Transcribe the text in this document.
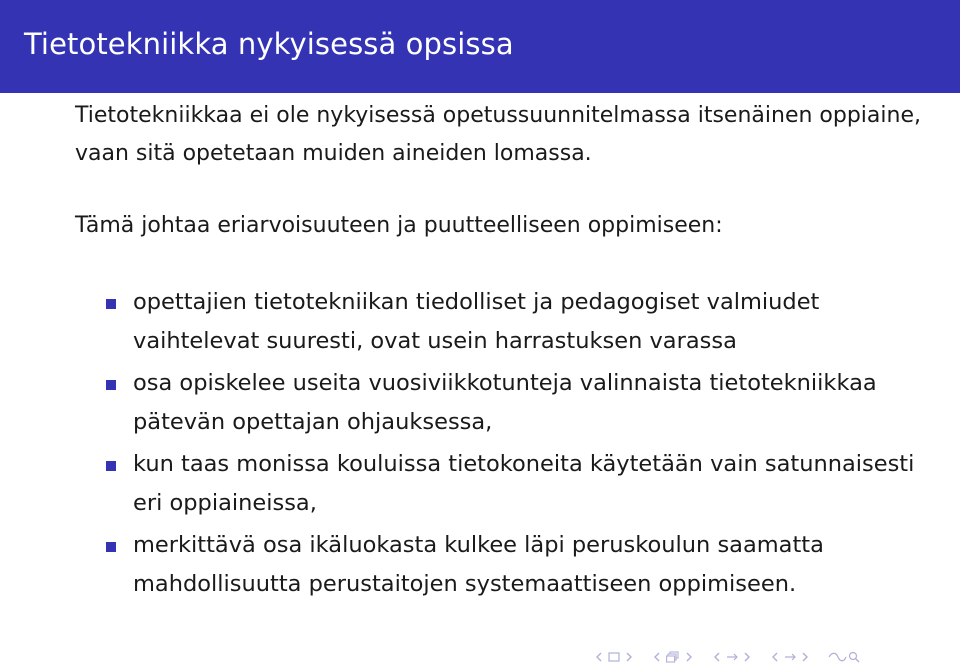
Tietotekniikka nykyisessä opsissa

Tietotekniikkaa ei ole nykyisessä opetussuunnitelmassa itsenäinen oppiaine, vaan sitä opetetaan muiden aineiden lomassa.

Tämä johtaa eriarvoisuuteen ja puutteelliseen oppimiseen:

opettajien tietotekniikan tiedolliset ja pedagogiset valmiudet vaihtelevat suuresti, ovat usein harrastuksen varassa
osa opiskelee useita vuosiviikkotunteja valinnaista tietotekniikkaa pätevän opettajan ohjauksessa,
kun taas monissa kouluissa tietokoneita käytetään vain satunnaisesti eri oppiaineissa,
merkittävä osa ikäluokasta kulkee läpi peruskoulun saamatta mahdollisuutta perustaitojen systemaattiseen oppimiseen.
